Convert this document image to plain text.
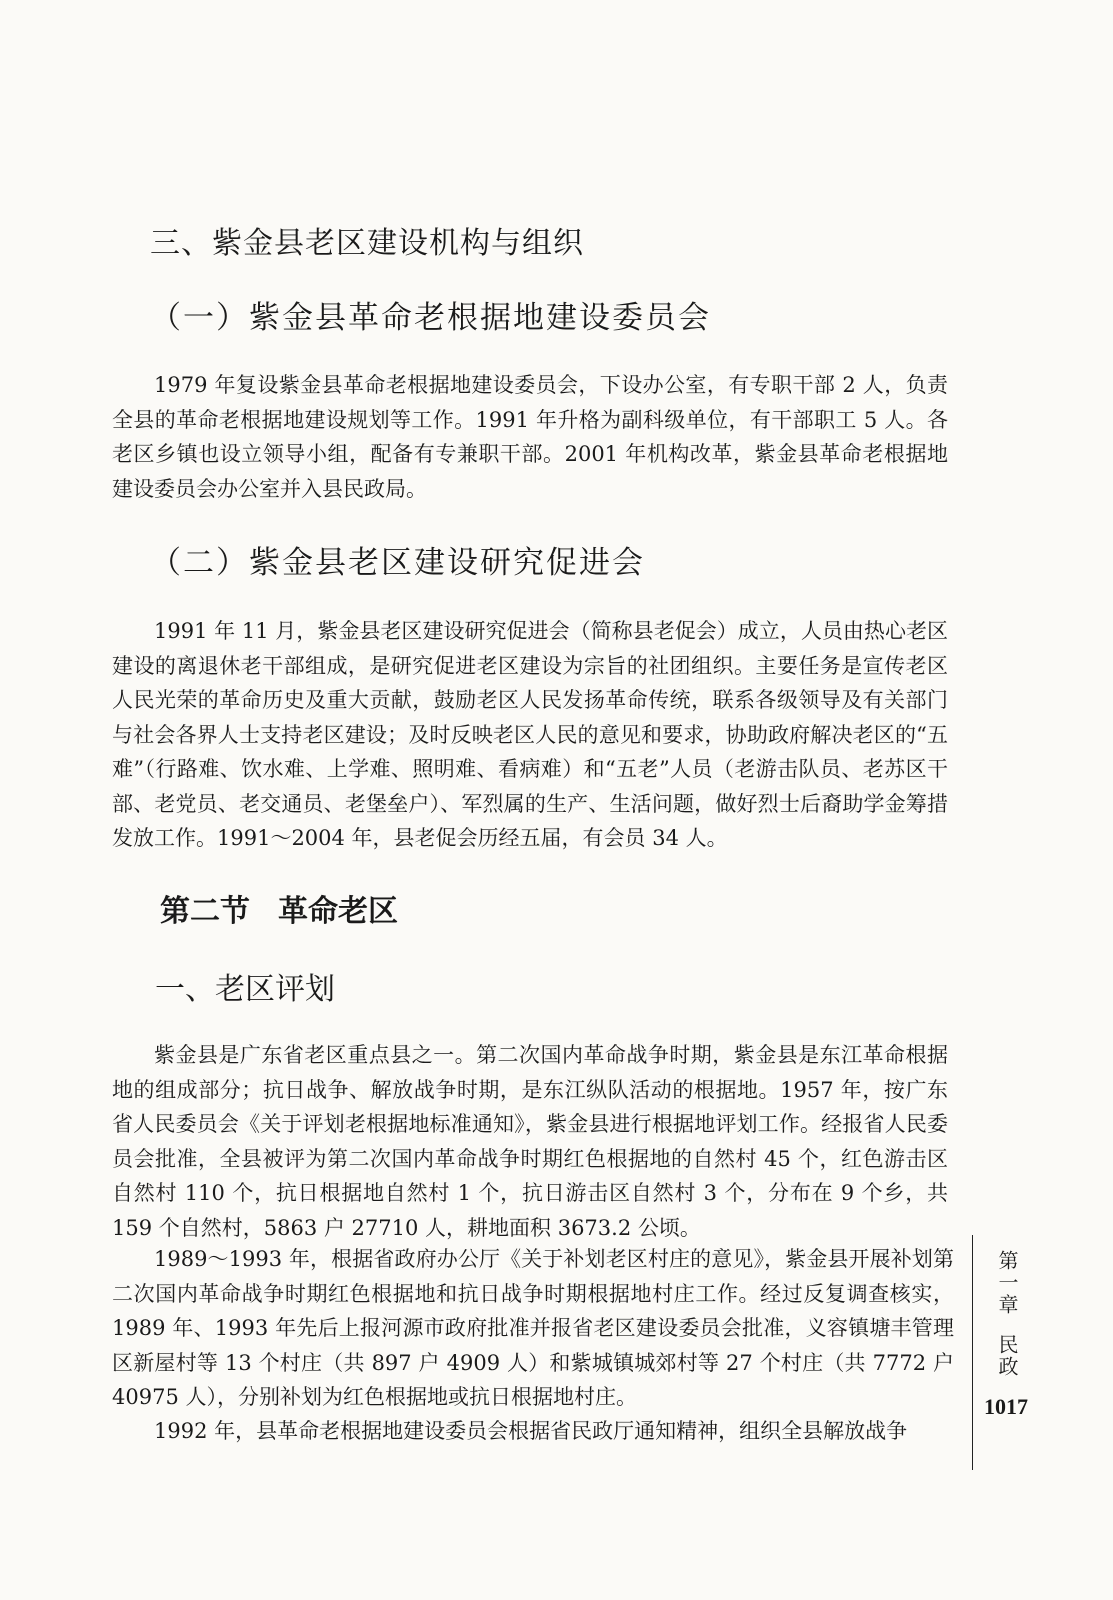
三、紫金县老区建设机构与组织
（一）紫金县革命老根据地建设委员会

1979 年复设紫金县革命老根据地建设委员会，下设办公室，有专职干部 2 人，负责全县的革命老根据地建设规划等工作。1991 年升格为副科级单位，有干部职工 5 人。各老区乡镇也设立领导小组，配备有专兼职干部。2001 年机构改革，紫金县革命老根据地建设委员会办公室并入县民政局。

（二）紫金县老区建设研究促进会

1991 年 11 月，紫金县老区建设研究促进会（简称县老促会）成立，人员由热心老区建设的离退休老干部组成，是研究促进老区建设为宗旨的社团组织。主要任务是宣传老区人民光荣的革命历史及重大贡献，鼓励老区人民发扬革命传统，联系各级领导及有关部门与社会各界人士支持老区建设；及时反映老区人民的意见和要求，协助政府解决老区的“五难”（行路难、饮水难、上学难、照明难、看病难）和“五老”人员（老游击队员、老苏区干部、老党员、老交通员、老堡垒户）、军烈属的生产、生活问题，做好烈士后裔助学金筹措发放工作。1991～2004 年，县老促会历经五届，有会员 34 人。

第二节 革命老区
一、老区评划

紫金县是广东省老区重点县之一。第二次国内革命战争时期，紫金县是东江革命根据地的组成部分；抗日战争、解放战争时期，是东江纵队活动的根据地。1957 年，按广东省人民委员会《关于评划老根据地标准通知》，紫金县进行根据地评划工作。经报省人民委员会批准，全县被评为第二次国内革命战争时期红色根据地的自然村 45 个，红色游击区自然村 110 个，抗日根据地自然村 1 个，抗日游击区自然村 3 个，分布在 9 个乡，共 159 个自然村，5863 户 27710 人，耕地面积 3673.2 公顷。

1989～1993 年，根据省政府办公厅《关于补划老区村庄的意见》，紫金县开展补划第二次国内革命战争时期红色根据地和抗日战争时期根据地村庄工作。经过反复调查核实，1989 年、1993 年先后上报河源市政府批准并报省老区建设委员会批准，义容镇塘丰管理区新屋村等 13 个村庄（共 897 户 4909 人）和紫城镇城郊村等 27 个村庄（共 7772 户 40975 人），分别补划为红色根据地或抗日根据地村庄。

1992 年，县革命老根据地建设委员会根据省民政厅通知精神，组织全县解放战争

第一章民政
1017
